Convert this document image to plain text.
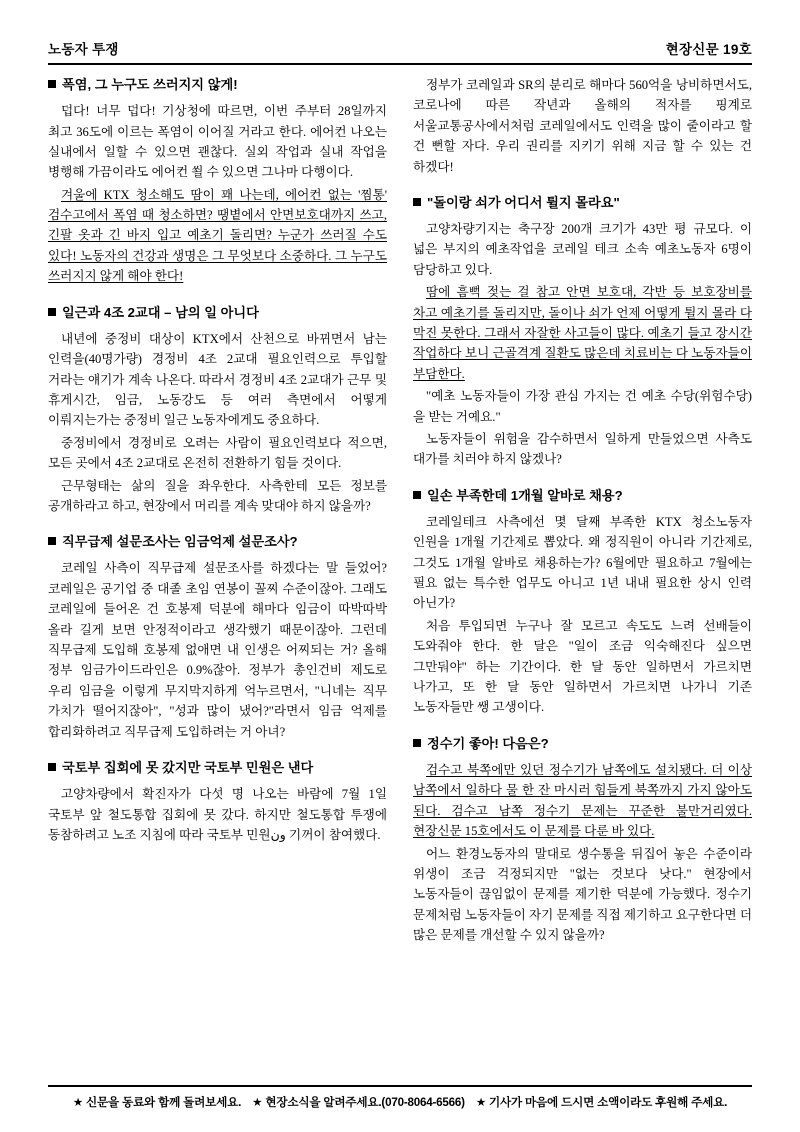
노동자 투쟁	현장신문 19호
폭염, 그 누구도 쓰러지지 않게!

덥다! 너무 덥다! 기상청에 따르면, 이번 주부터 28일까지 최고 36도에 이르는 폭염이 이어질 거라고 한다. 에어컨 나오는 실내에서 일할 수 있으면 괜찮다. 실외 작업과 실내 작업을 병행해 가끔이라도 에어컨 쐴 수 있으면 그나마 다행이다.

겨울에 KTX 청소해도 땀이 꽤 나는데, 에어컨 없는 '찜통' 검수고에서 폭염 때 청소하면? 땡볕에서 안면보호대까지 쓰고, 긴팔 옷과 긴 바지 입고 예초기 돌리면? 누군가 쓰러질 수도 있다! 노동자의 건강과 생명은 그 무엇보다 소중하다. 그 누구도 쓰러지지 않게 해야 한다!

일근과 4조 2교대 – 남의 일 아니다

내년에 중정비 대상이 KTX에서 산천으로 바뀌면서 남는 인력을(40명가량) 경정비 4조 2교대 필요인력으로 투입할 거라는 얘기가 계속 나온다. 따라서 경정비 4조 2교대가 근무 및 휴게시간, 임금, 노동강도 등 여러 측면에서 어떻게 이뤄지는가는 중정비 일근 노동자에게도 중요하다.

중정비에서 경정비로 오려는 사람이 필요인력보다 적으면, 모든 곳에서 4조 2교대로 온전히 전환하기 힘들 것이다.

근무형태는 삶의 질을 좌우한다. 사측한테 모든 정보를 공개하라고 하고, 현장에서 머리를 계속 맞대야 하지 않을까?

직무급제 설문조사는 임금억제 설문조사?

코레일 사측이 직무급제 설문조사를 하겠다는 말 들었어? 코레일은 공기업 중 대졸 초임 연봉이 꼴찌 수준이잖아. 그래도 코레일에 들어온 건 호봉제 덕분에 해마다 임금이 따박따박 올라 길게 보면 안정적이라고 생각했기 때문이잖아. 그런데 직무급제 도입해 호봉제 없애면 내 인생은 어찌되는 거? 올해 정부 임금가이드라인은 0.9%잖아. 정부가 총인건비 제도로 우리 임금을 이렇게 무지막지하게 억누르면서, "니네는 직무 가치가 떨어지잖아", "성과 많이 냈어?"라면서 임금 억제를 합리화하려고 직무급제 도입하려는 거 아녀?

국토부 집회에 못 갔지만 국토부 민원은 낸다

고양차량에서 확진자가 다섯 명 나오는 바람에 7월 1일 국토부 앞 철도통합 집회에 못 갔다. 하지만 철도통합 투쟁에 동참하려고 노조 지침에 따라 국토부 민원ون 기꺼이 참여했다.

정부가 코레일과 SR의 분리로 해마다 560억을 낭비하면서도, 코로나에 따른 작년과 올해의 적자를 핑계로 서울교통공사에서처럼 코레일에서도 인력을 많이 줄이라고 할 건 뻔할 자다. 우리 권리를 지키기 위해 지금 할 수 있는 건 하겠다!

"돌이랑 쇠가 어디서 튈지 몰라요"

고양차량기지는 축구장 200개 크기가 43만 평 규모다. 이 넓은 부지의 예초작업을 코레일 테크 소속 예초노동자 6명이 담당하고 있다.

땀에 흠뻑 젖는 걸 참고 안면 보호대, 각반 등 보호장비를 차고 예초기를 돌리지만, 돌이나 쇠가 언제 어떻게 튈지 몰라 다 막진 못한다. 그래서 자잘한 사고들이 많다. 예초기 들고 장시간 작업하다 보니 근골격계 질환도 많은데 치료비는 다 노동자들이 부담한다.

"예초 노동자들이 가장 관심 가지는 건 예초 수당(위험수당)을 받는 거예요."

노동자들이 위험을 감수하면서 일하게 만들었으면 사측도 대가를 치러야 하지 않겠나?

일손 부족한데 1개월 알바로 채용?

코레일테크 사측에선 몇 달째 부족한 KTX 청소노동자 인원을 1개월 기간제로 뽑았다. 왜 정직원이 아니라 기간제로, 그것도 1개월 알바로 채용하는가? 6월에만 필요하고 7월에는 필요 없는 특수한 업무도 아니고 1년 내내 필요한 상시 인력 아닌가?

처음 투입되면 누구나 잘 모르고 속도도 느려 선배들이 도와줘야 한다. 한 달은 "일이 조금 익숙해진다 싶으면 그만둬야" 하는 기간이다. 한 달 동안 일하면서 가르치면 나가고, 또 한 달 동안 일하면서 가르치면 나가니 기존 노동자들만 쌩 고생이다.

정수기 좋아! 다음은?

검수고 북쪽에만 있던 정수기가 남쪽에도 설치됐다. 더 이상 남쪽에서 일하다 물 한 잔 마시러 힘들게 북쪽까지 가지 않아도 된다. 검수고 남쪽 정수기 문제는 꾸준한 불만거리였다. 현장신문 15호에서도 이 문제를 다룬 바 있다.

어느 환경노동자의 말대로 생수통을 뒤집어 놓은 수준이라 위생이 조금 걱정되지만 "없는 것보다 낫다." 현장에서 노동자들이 끊임없이 문제를 제기한 덕분에 가능했다. 정수기 문제처럼 노동자들이 자기 문제를 직접 제기하고 요구한다면 더 많은 문제를 개선할 수 있지 않을까?

★ 신문을 동료와 함께 돌려보세요. ★ 현장소식을 알려주세요.(070-8064-6566) ★ 기사가 마음에 드시면 소액이라도 후원해 주세요.
